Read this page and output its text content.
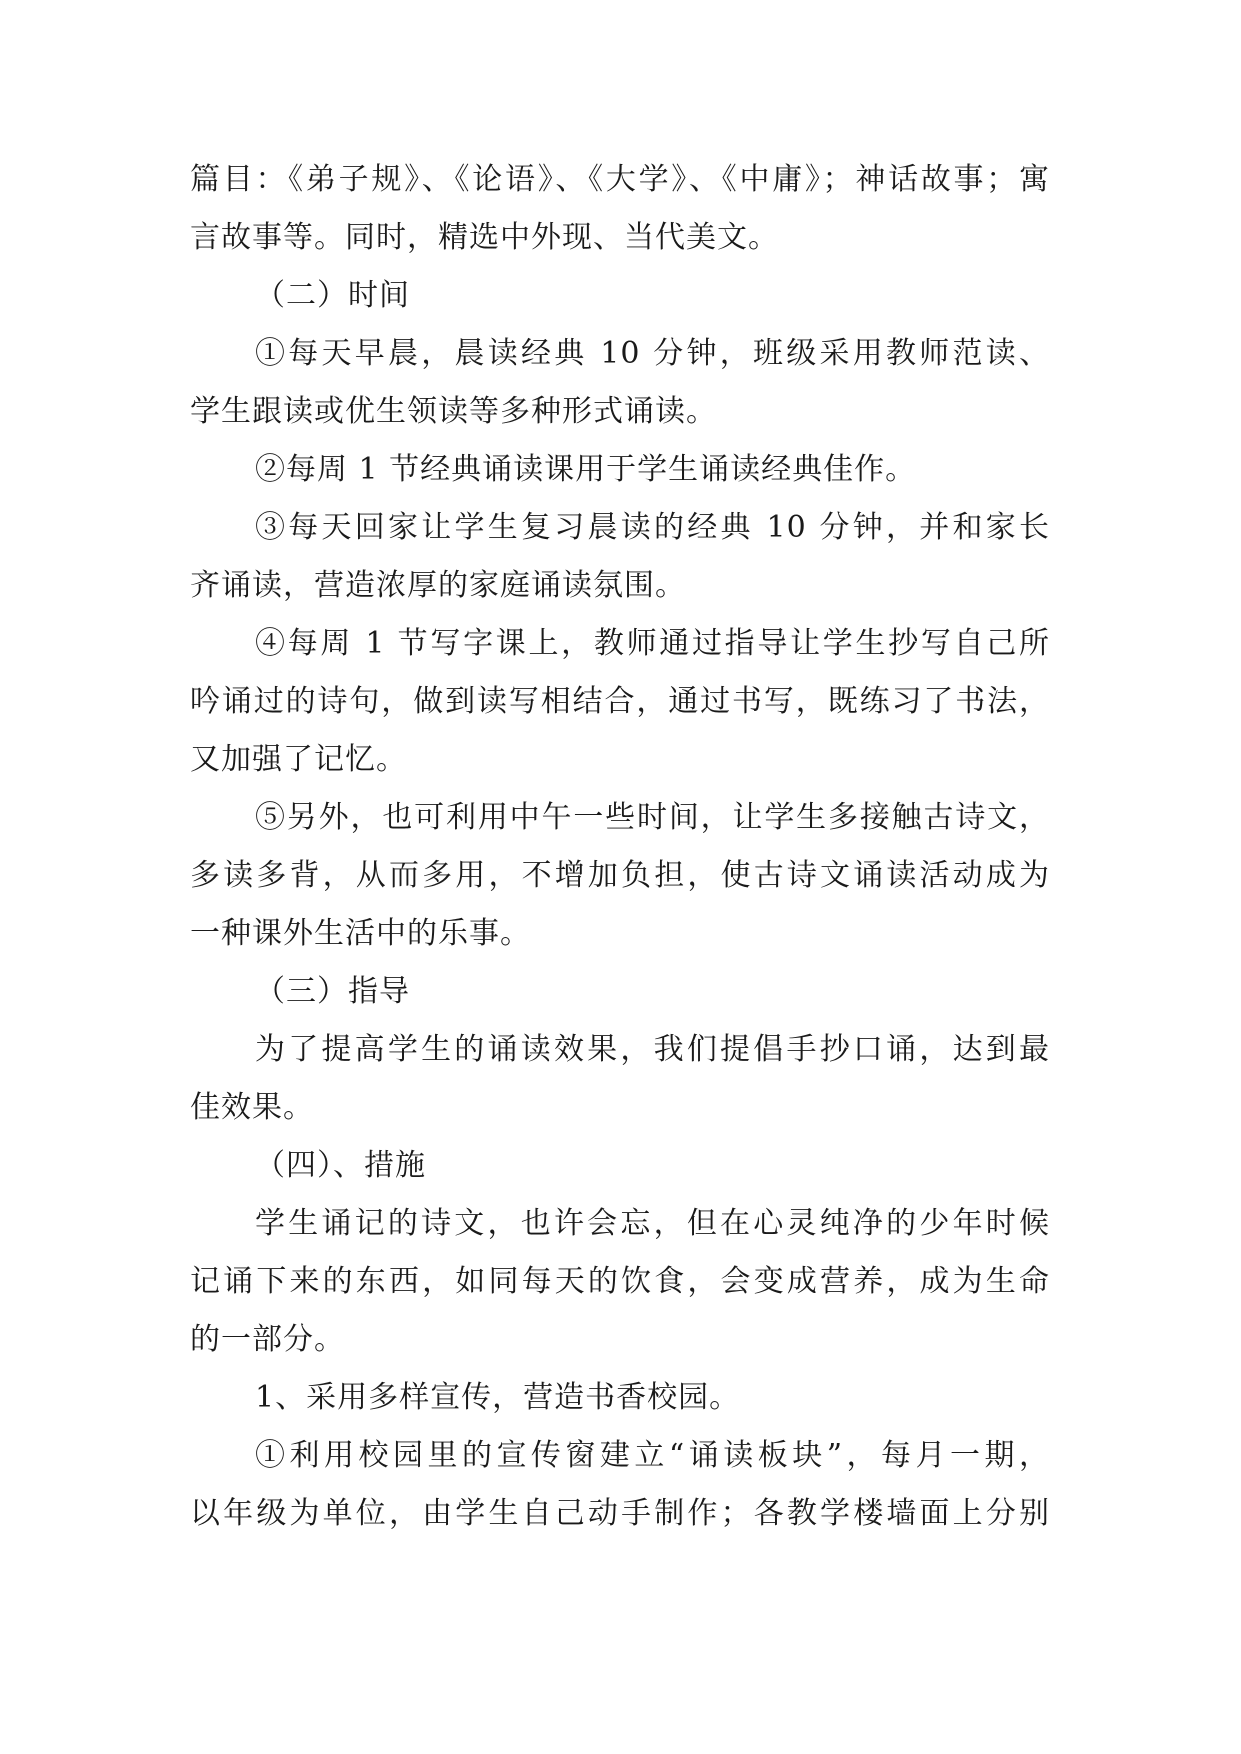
篇目：《弟子规》、《论语》、《大学》、《中庸》；神话故事；寓
言故事等。同时，精选中外现、当代美文。
（二）时间
①每天早晨，晨读经典 10 分钟，班级采用教师范读、
学生跟读或优生领读等多种形式诵读。
②每周 1 节经典诵读课用于学生诵读经典佳作。
③每天回家让学生复习晨读的经典 10 分钟，并和家长
齐诵读，营造浓厚的家庭诵读氛围。
④每周 1 节写字课上，教师通过指导让学生抄写自己所
吟诵过的诗句，做到读写相结合，通过书写，既练习了书法，
又加强了记忆。
⑤另外，也可利用中午一些时间，让学生多接触古诗文，
多读多背，从而多用，不增加负担，使古诗文诵读活动成为
一种课外生活中的乐事。
（三）指导
为了提高学生的诵读效果，我们提倡手抄口诵，达到最
佳效果。
（四）、措施
学生诵记的诗文，也许会忘，但在心灵纯净的少年时候
记诵下来的东西，如同每天的饮食，会变成营养，成为生命
的一部分。
1、采用多样宣传，营造书香校园。
①利用校园里的宣传窗建立“诵读板块”，每月一期，
以年级为单位，由学生自己动手制作；各教学楼墙面上分别
